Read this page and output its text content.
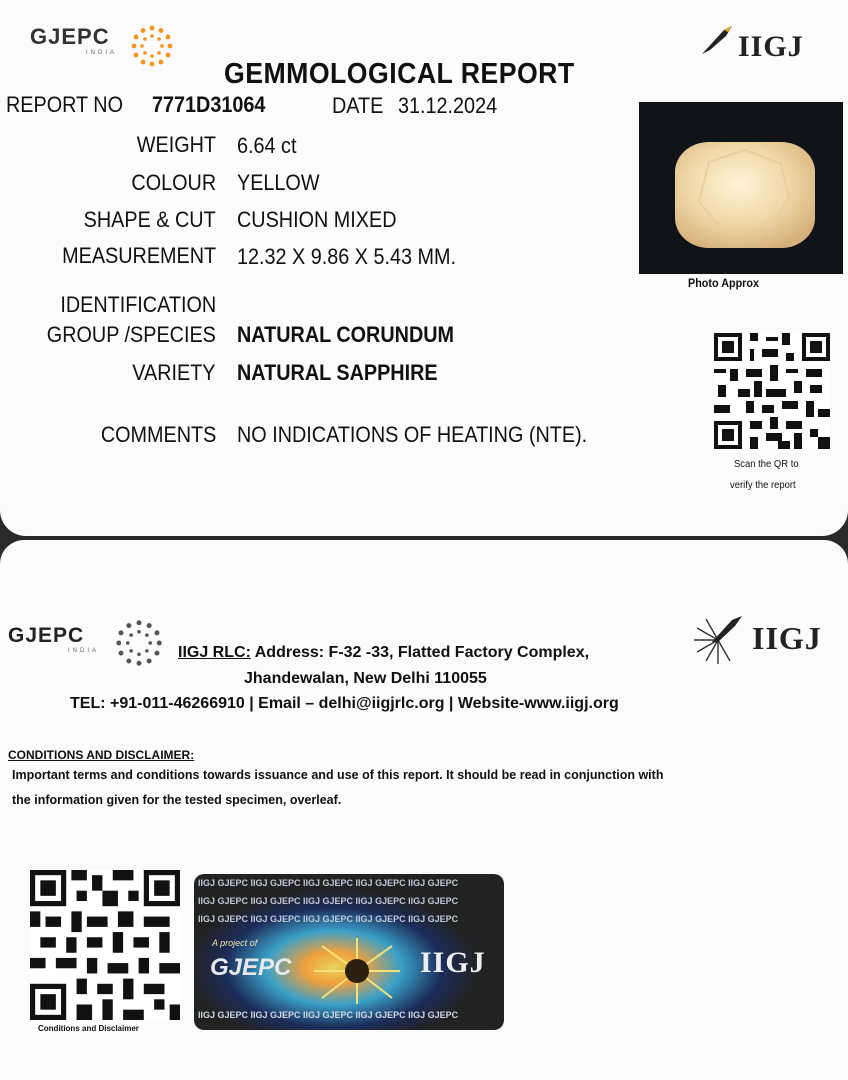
GJEPC
INDIA	IIGJ
GEMMOLOGICAL REPORT
REPORT NO 7771D31064	DATE 31.12.2024
WEIGHT 6.64 ct
COLOUR YELLOW
SHAPE & CUT CUSHION MIXED
MEASUREMENT 12.32 X 9.86 X 5.43 MM.
IDENTIFICATION
GROUP /SPECIES NATURAL CORUNDUM
VARIETY NATURAL SAPPHIRE
COMMENTS NO INDICATIONS OF HEATING (NTE).
Photo Approx
Scan the QR to
verify the report
GJEPC
INDIA	IIGJ
IIGJ RLC: Address: F-32 -33, Flatted Factory Complex,
Jhandewalan, New Delhi 110055
TEL: +91-011-46266910 | Email – delhi@iigjrlc.org | Website-www.iigj.org
CONDITIONS AND DISCLAIMER:
Important terms and conditions towards issuance and use of this report. It should be read in conjunction with
the information given for the tested specimen, overleaf.
Conditions and Disclaimer
IIGJ GJEPC IIGJ GJEPC IIGJ GJEPC IIGJ GJEPC IIGJ GJEPC
IIGJ GJEPC IIGJ GJEPC IIGJ GJEPC IIGJ GJEPC IIGJ GJEPC
IIGJ GJEPC IIGJ GJEPC IIGJ GJEPC IIGJ GJEPC IIGJ GJEPC
A project of
GJEPC	IIGJ
IIGJ GJEPC IIGJ GJEPC IIGJ GJEPC IIGJ GJEPC IIGJ GJEPC
